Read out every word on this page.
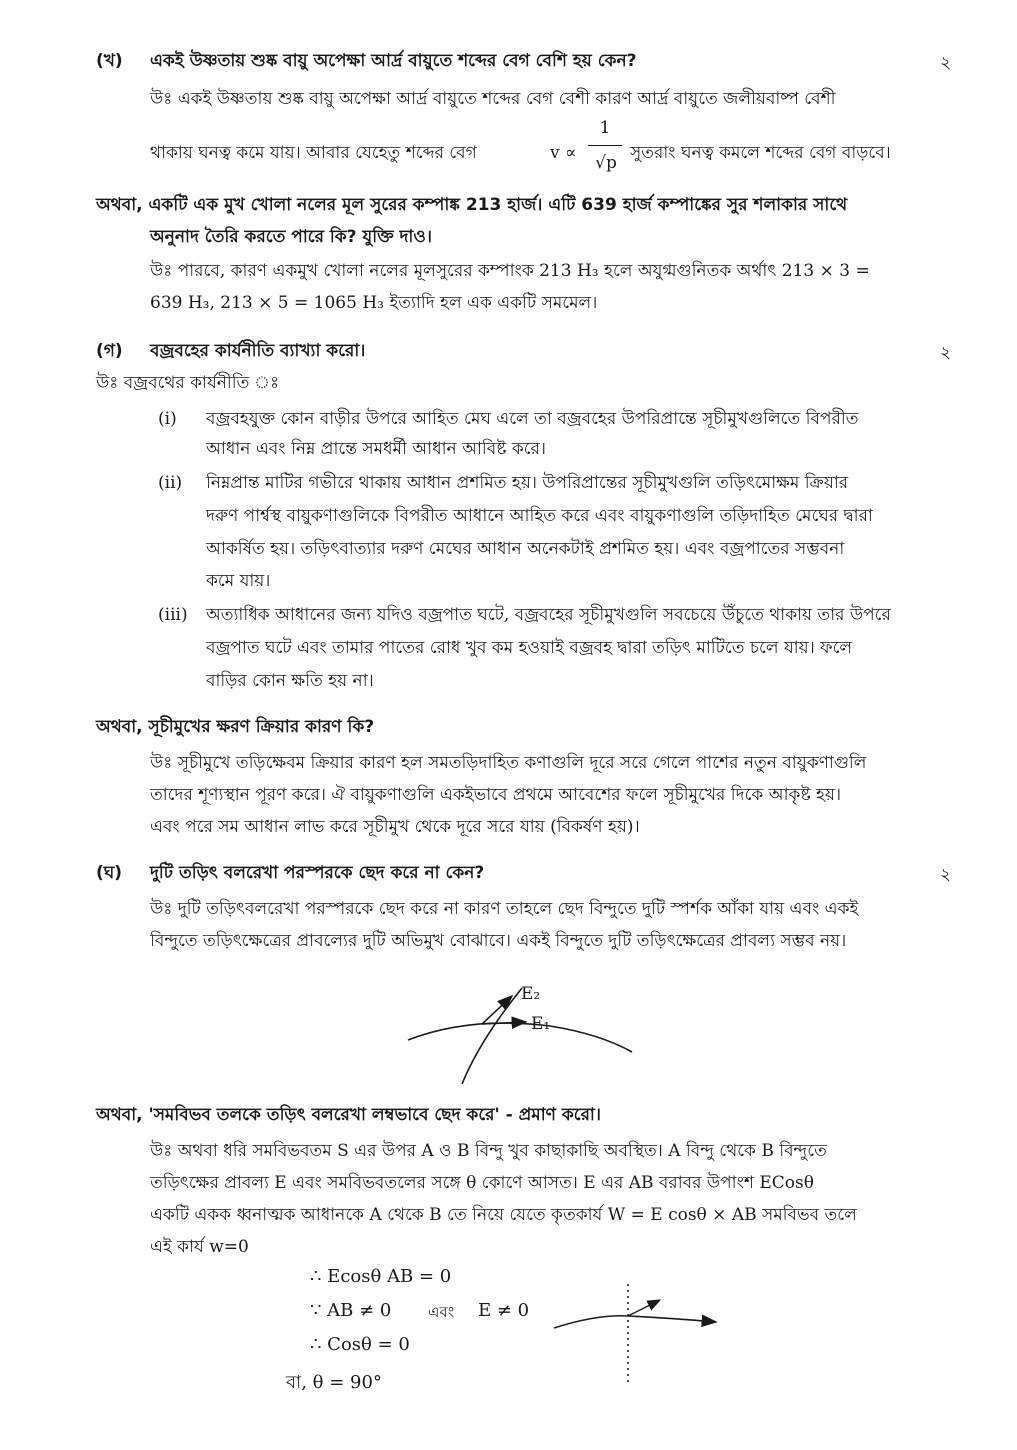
(খ) একই উষ্ণতায় শুষ্ক বায়ু অপেক্ষা আর্দ্র বায়ুতে শব্দের বেগ বেশি হয় কেন?	২
উঃ একই উষ্ণতায় শুষ্ক বায়ু অপেক্ষা আর্দ্র বায়ুতে শব্দের বেগ বেশী কারণ আর্দ্র বায়ুতে জলীয়বাষ্প বেশী
থাকায় ঘনত্ব কমে যায়। আবার যেহেতু শব্দের বেগ	v ∝
1
√p সুতরাং ঘনত্ব কমলে শব্দের বেগ বাড়বে।
অথবা, একটি এক মুখ খোলা নলের মূল সুরের কম্পাঙ্ক 213 হার্জ। এটি 639 হার্জ কম্পাঙ্কের সুর শলাকার সাথে
অনুনাদ তৈরি করতে পারে কি? যুক্তি দাও।
উঃ পারবে, কারণ একমুখ খোলা নলের মূলসুরের কম্পাংক 213 H₃ হলে অযুগ্মগুনিতক অর্থাৎ 213 × 3 =
639 H₃, 213 × 5 = 1065 H₃ ইত্যাদি হল এক একটি সমমেল।
(গ) বজ্রবহের কার্যনীতি ব্যাখ্যা করো।	২
উঃ বজ্রবথের কার্যনীতি ঃ
(i) বজ্রবহযুক্ত কোন বাড়ীর উপরে আহিত মেঘ এলে তা বজ্রবহের উপরিপ্রান্তে সূচীমুখগুলিতে বিপরীত
আধান এবং নিম্ন প্রান্তে সমধর্মী আধান আবিষ্ট করে।
(ii) নিম্নপ্রান্ত মাটির গভীরে থাকায় আধান প্রশমিত হয়। উপরিপ্রান্তের সূচীমুখগুলি তড়িৎমোক্ষম ক্রিয়ার
দরুণ পার্শ্বস্থ বায়ুকণাগুলিকে বিপরীত আধানে আহিত করে এবং বায়ুকণাগুলি তড়িদাহিত মেঘের দ্বারা
আকর্ষিত হয়। তড়িৎবাত্যার দরুণ মেঘের আধান অনেকটাই প্রশমিত হয়। এবং বজ্রপাতের সম্ভবনা
কমে যায়।
(iii) অত্যাধিক আধানের জন্য যদিও বজ্রপাত ঘটে, বজ্রবহের সূচীমুখগুলি সবচেয়ে উঁচুতে থাকায় তার উপরে
বজ্রপাত ঘটে এবং তামার পাতের রোধ খুব কম হওয়াই বজ্রবহ দ্বারা তড়িৎ মাটিতে চলে যায়। ফলে
বাড়ির কোন ক্ষতি হয় না।
অথবা, সূচীমুখের ক্ষরণ ক্রিয়ার কারণ কি?
উঃ সূচীমুখে তড়িক্ষেবম ক্রিয়ার কারণ হল সমতড়িদাহিত কণাগুলি দূরে সরে গেলে পাশের নতুন বায়ুকণাগুলি
তাদের শূণ্যস্থান পূরণ করে। ঐ বায়ুকণাগুলি একইভাবে প্রথমে আবেশের ফলে সূচীমুখের দিকে আকৃষ্ট হয়।
এবং পরে সম আধান লাভ করে সূচীমুখ থেকে দূরে সরে যায় (বিকর্ষণ হয়)।
(ঘ) দুটি তড়িৎ বলরেখা পরস্পরকে ছেদ করে না কেন?	২
উঃ দুটি তড়িৎবলরেখা পরস্পরকে ছেদ করে না কারণ তাহলে ছেদ বিন্দুতে দুটি স্পর্শক আঁকা যায় এবং একই
বিন্দুতে তড়িৎক্ষেত্রের প্রাবল্যের দুটি অভিমুখ বোঝাবে। একই বিন্দুতে দুটি তড়িৎক্ষেত্রের প্রাবল্য সম্ভব নয়।
E₂
E₁
অথবা, 'সমবিভব তলকে তড়িৎ বলরেখা লম্বভাবে ছেদ করে' - প্রমাণ করো।
উঃ অথবা ধরি সমবিভবতম S এর উপর A ও B বিন্দু খুব কাছাকাছি অবস্থিত। A বিন্দু থেকে B বিন্দুতে
তড়িৎক্ষের প্রাবল্য E এবং সমবিভবতলের সঙ্গে θ কোণে আসত। E এর AB বরাবর উপাংশ ECosθ
একটি একক ধ্বনাত্মক আধানকে A থেকে B তে নিয়ে যেতে কৃতকার্য W = E cosθ × AB সমবিভব তলে
এই কার্য w=0
∴ Ecosθ AB = 0
∵ AB ≠ 0 এবং E ≠ 0
∴ Cosθ = 0
বা, θ = 90°
